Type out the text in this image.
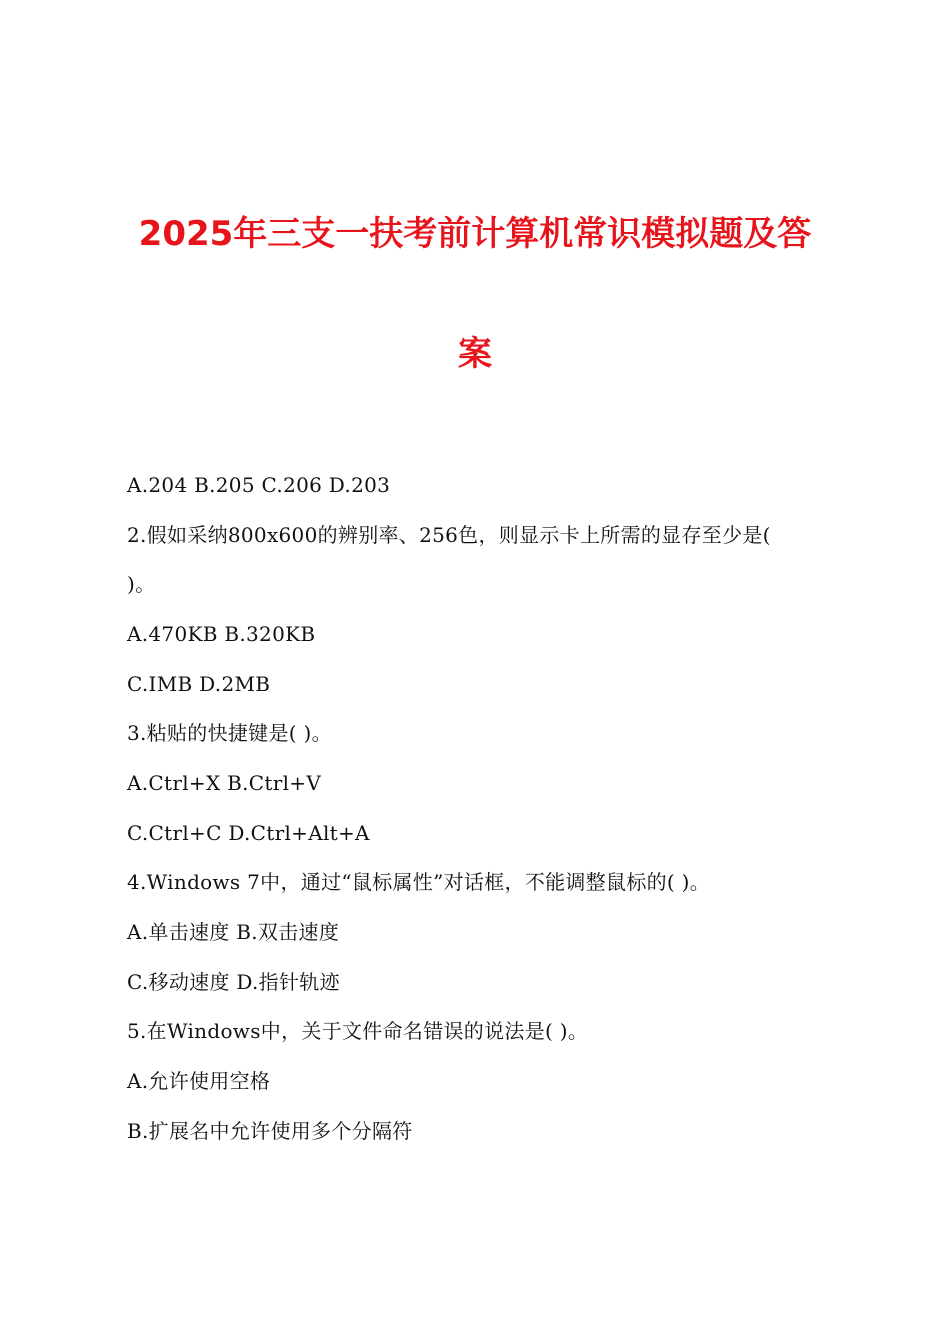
2025年三支一扶考前计算机常识模拟题及答
案
A.204 B.205 C.206 D.203
2.假如采纳800x600的辨别率、256色，则显示卡上所需的显存至少是(
)。
A.470KB B.320KB
C.IMB D.2MB
3.粘贴的快捷键是( )。
A.Ctrl+X B.Ctrl+V
C.Ctrl+C D.Ctrl+Alt+A
4.Windows 7中，通过“鼠标属性”对话框，不能调整鼠标的( )。
A.单击速度 B.双击速度
C.移动速度 D.指针轨迹
5.在Windows中，关于文件命名错误的说法是( )。
A.允许使用空格
B.扩展名中允许使用多个分隔符
